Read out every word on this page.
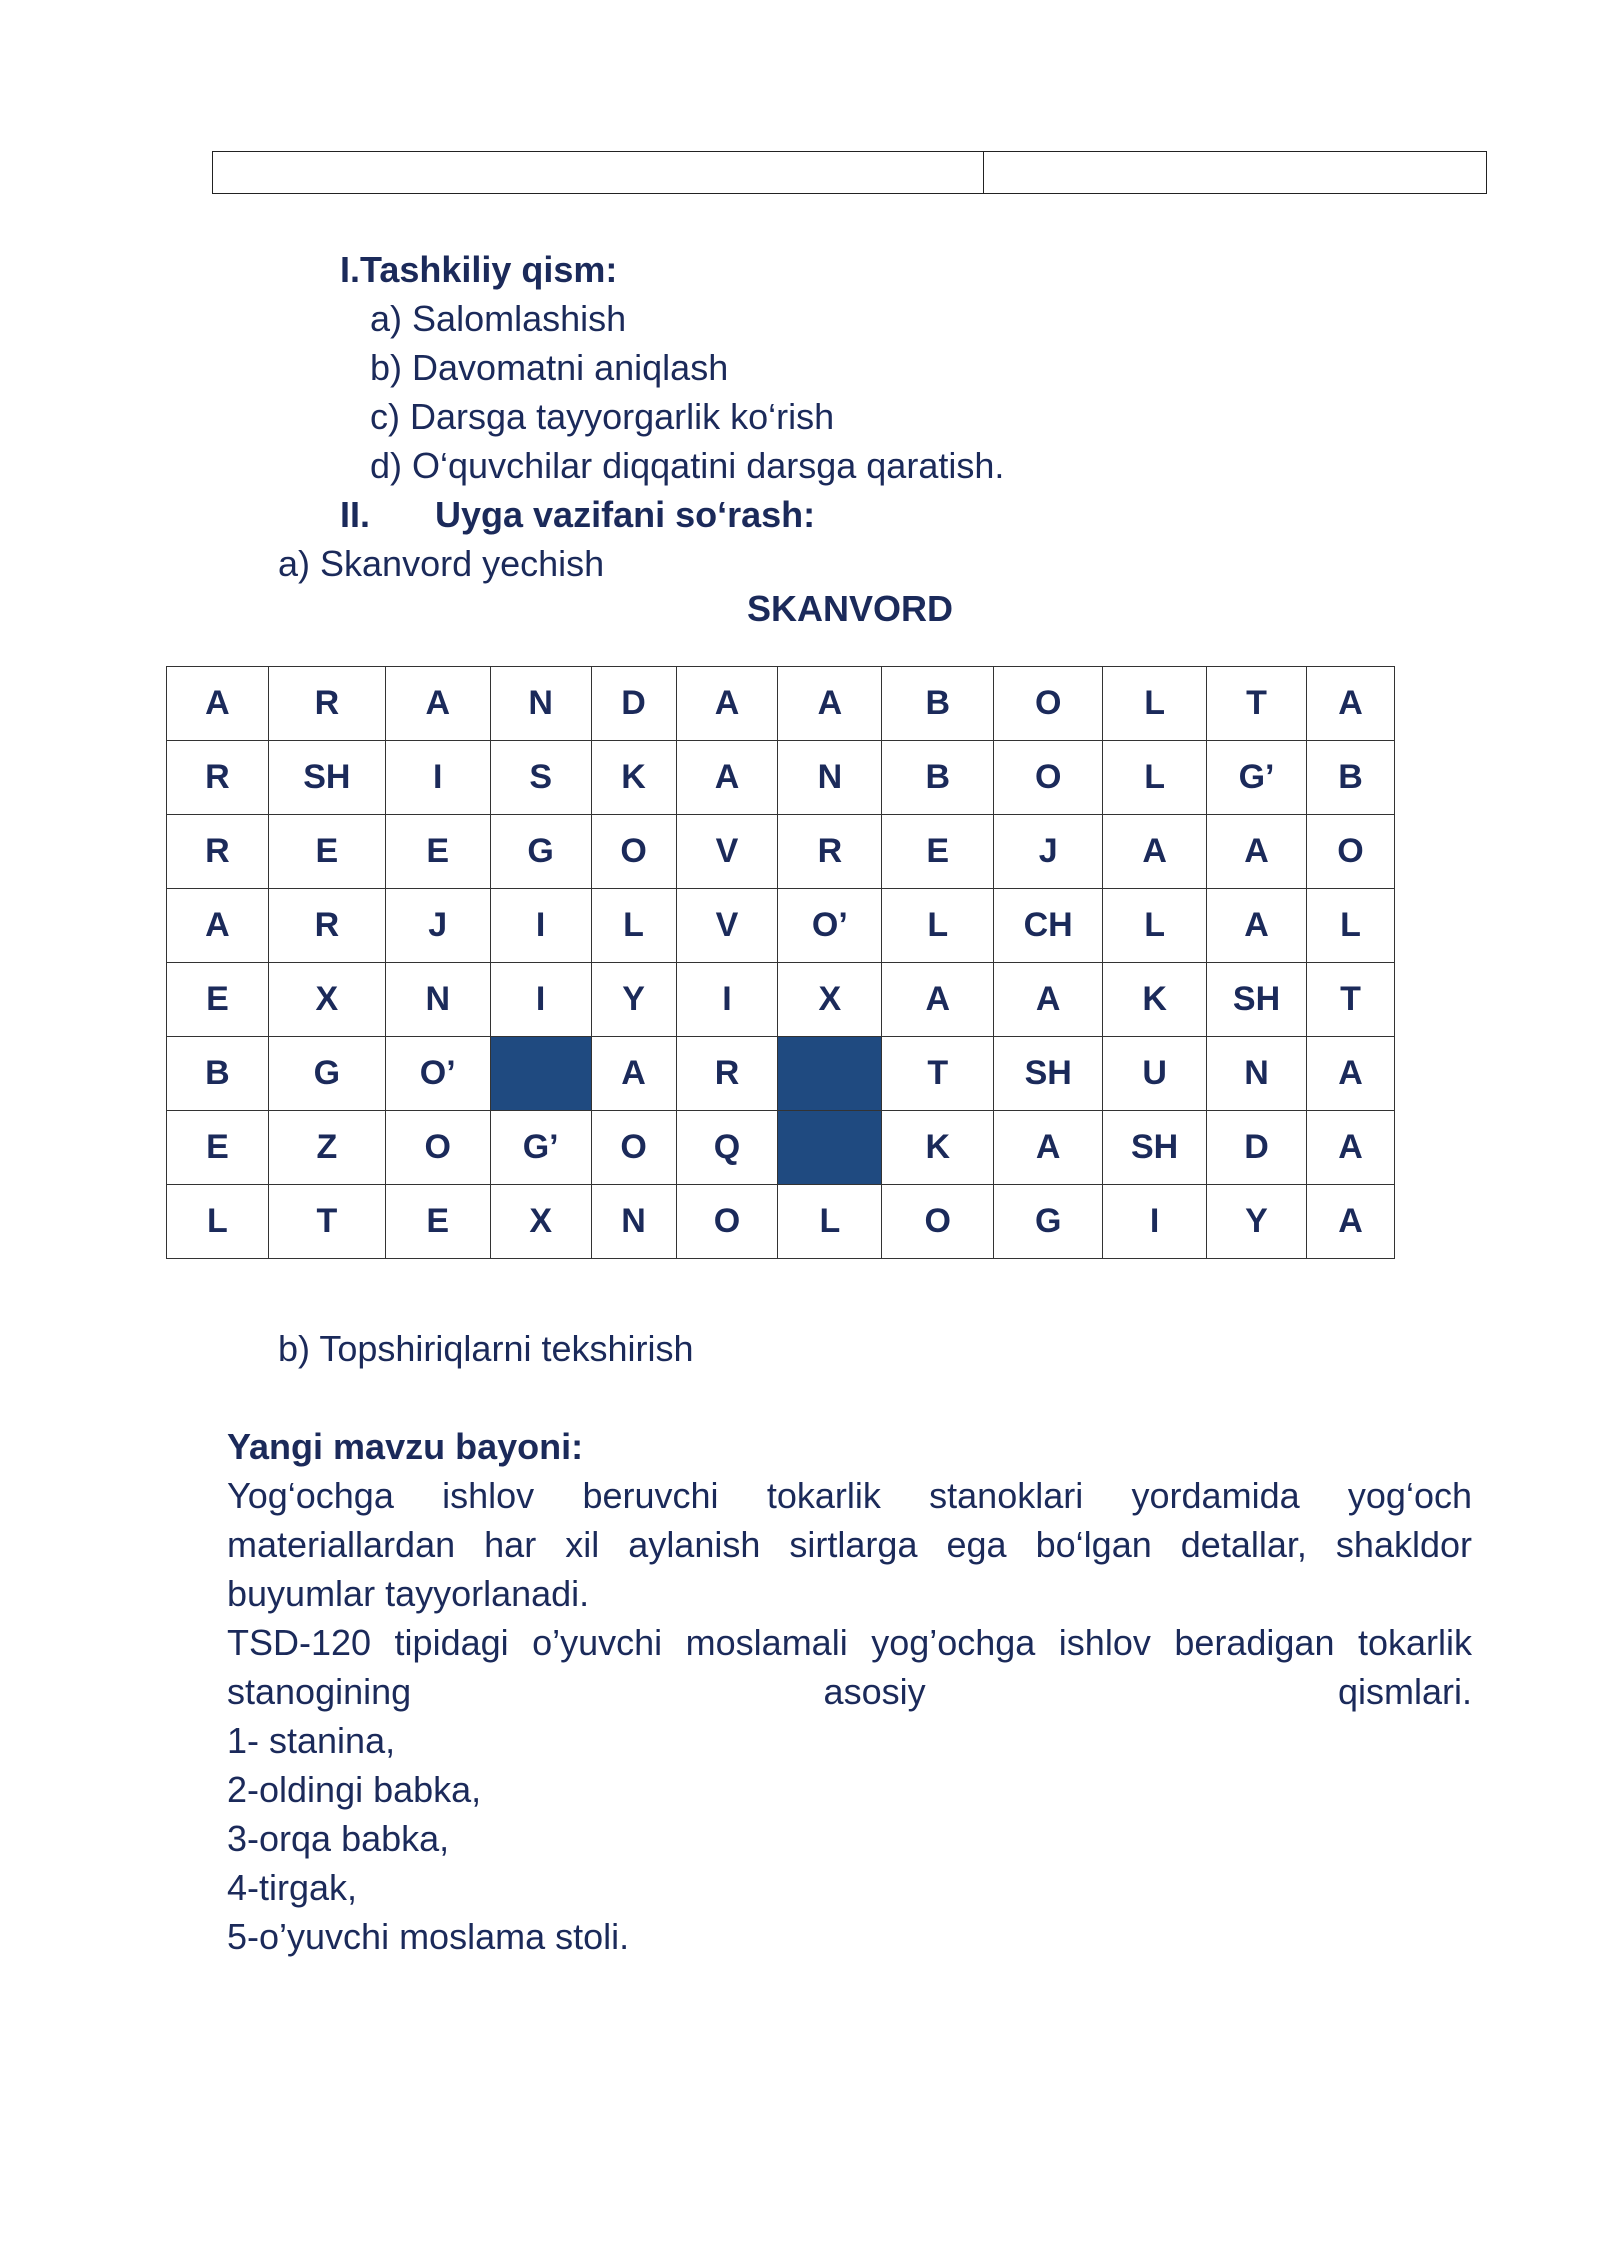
I.Tashkiliy qism:
a) Salomlashish
b) Davomatni aniqlash
c) Darsga tayyorgarlik ko‘rish
d) O‘quvchilar diqqatini darsga qaratish.
II. Uyga vazifani so‘rash:
a) Skanvord yechish
SKANVORD
A	R	A	N	D	A	A	B	O	L	T	A
R	SH	I	S	K	A	N	B	O	L	G’	B
R	E	E	G	O	V	R	E	J	A	A	O
A	R	J	I	L	V	O’	L	CH	L	A	L
E	X	N	I	Y	I	X	A	A	K	SH	T
B	G	O’		A	R		T	SH	U	N	A
E	Z	O	G’	O	Q		K	A	SH	D	A
L	T	E	X	N	O	L	O	G	I	Y	A
b) Topshiriqlarni tekshirish
Yangi mavzu bayoni:
Yog‘ochga ishlov beruvchi tokarlik stanoklari yordamida yog‘och
materiallardan har xil aylanish sirtlarga ega bo‘lgan detallar, shakldor
buyumlar tayyorlanadi.
TSD-120 tipidagi o’yuvchi moslamali yog’ochga ishlov beradigan tokarlik
stanogining	asosiy	qismlari.
1- stanina,
2-oldingi babka,
3-orqa babka,
4-tirgak,
5-o’yuvchi moslama stoli.
